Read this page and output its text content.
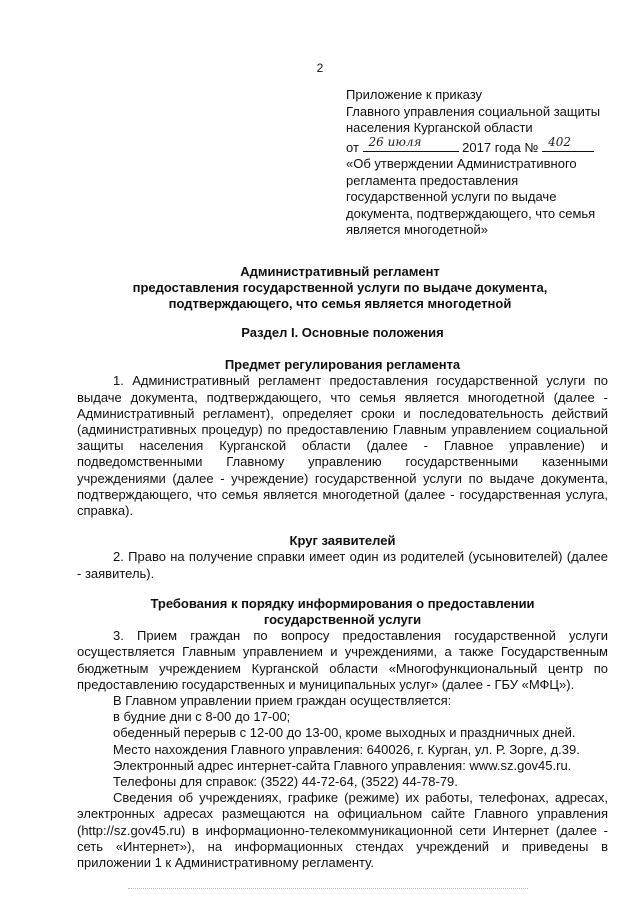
2

Приложение к приказу

Главного управления социальной защиты

населения Курганской области

от 26 июля	2017 года № 402

«Об утверждении Административного

регламента предоставления

государственной услуги по выдаче

документа, подтверждающего, что семья

является многодетной»

Административный регламент

предоставления государственной услуги по выдаче документа,

подтверждающего, что семья является многодетной

Раздел I. Основные положения

Предмет регулирования регламента

1. Административный регламент предоставления государственной услуги по выдаче документа, подтверждающего, что семья является многодетной (далее - Административный регламент), определяет сроки и последовательность действий (административных процедур) по предоставлению Главным управлением социальной защиты населения Курганской области (далее - Главное управление) и подведомственными Главному управлению государственными казенными учреждениями (далее - учреждение) государственной услуги по выдаче документа, подтверждающего, что семья является многодетной (далее - государственная услуга, справка).

Круг заявителей

2. Право на получение справки имеет один из родителей (усыновителей) (далее - заявитель).

Требования к порядку информирования о предоставлении

государственной услуги

3. Прием граждан по вопросу предоставления государственной услуги осуществляется Главным управлением и учреждениями, а также Государственным бюджетным учреждением Курганской области «Многофункциональный центр по предоставлению государственных и муниципальных услуг» (далее - ГБУ «МФЦ»).

В Главном управлении прием граждан осуществляется:

в будние дни с 8-00 до 17-00;

обеденный перерыв с 12-00 до 13-00, кроме выходных и праздничных дней.

Место нахождения Главного управления: 640026, г. Курган, ул. Р. Зорге, д.39.

Электронный адрес интернет-сайта Главного управления: www.sz.gov45.ru.

Телефоны для справок: (3522) 44-72-64, (3522) 44-78-79.

Сведения об учреждениях, графике (режиме) их работы, телефонах, адресах, электронных адресах размещаются на официальном сайте Главного управления (http://sz.gov45.ru) в информационно-телекоммуникационной сети Интернет (далее - сеть «Интернет»), на информационных стендах учреждений и приведены в приложении 1 к Административному регламенту.
